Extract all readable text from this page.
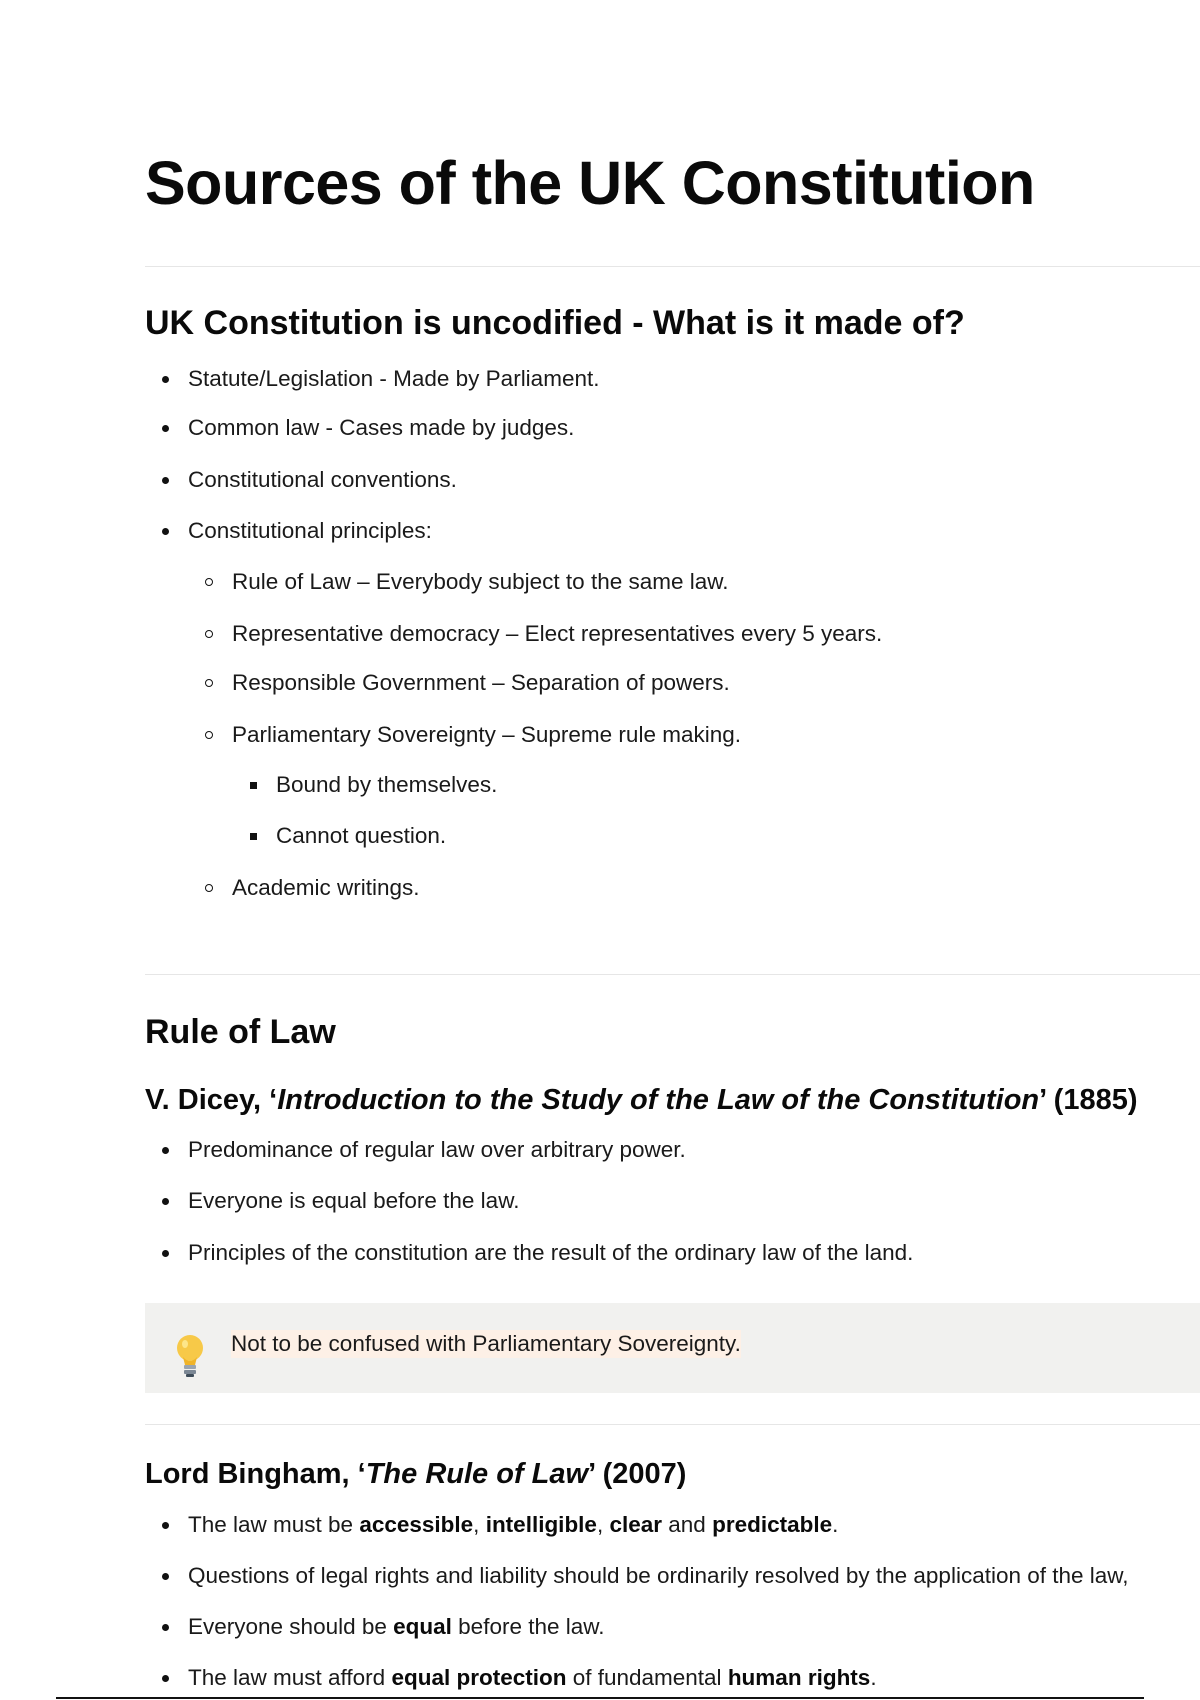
Sources of the UK Constitution
UK Constitution is uncodified - What is it made of?
Statute/Legislation - Made by Parliament.
Common law - Cases made by judges.
Constitutional conventions.
Constitutional principles:
Rule of Law – Everybody subject to the same law.
Representative democracy – Elect representatives every 5 years.
Responsible Government – Separation of powers.
Parliamentary Sovereignty – Supreme rule making.
Bound by themselves.
Cannot question.
Academic writings.
Rule of Law
V. Dicey, ‘Introduction to the Study of the Law of the Constitution’ (1885)
Predominance of regular law over arbitrary power.
Everyone is equal before the law.
Principles of the constitution are the result of the ordinary law of the land.
Not to be confused with Parliamentary Sovereignty.
Lord Bingham, ‘The Rule of Law’ (2007)
The law must be accessible, intelligible, clear and predictable.
Questions of legal rights and liability should be ordinarily resolved by the application of the law,
Everyone should be equal before the law.
The law must afford equal protection of fundamental human rights.
